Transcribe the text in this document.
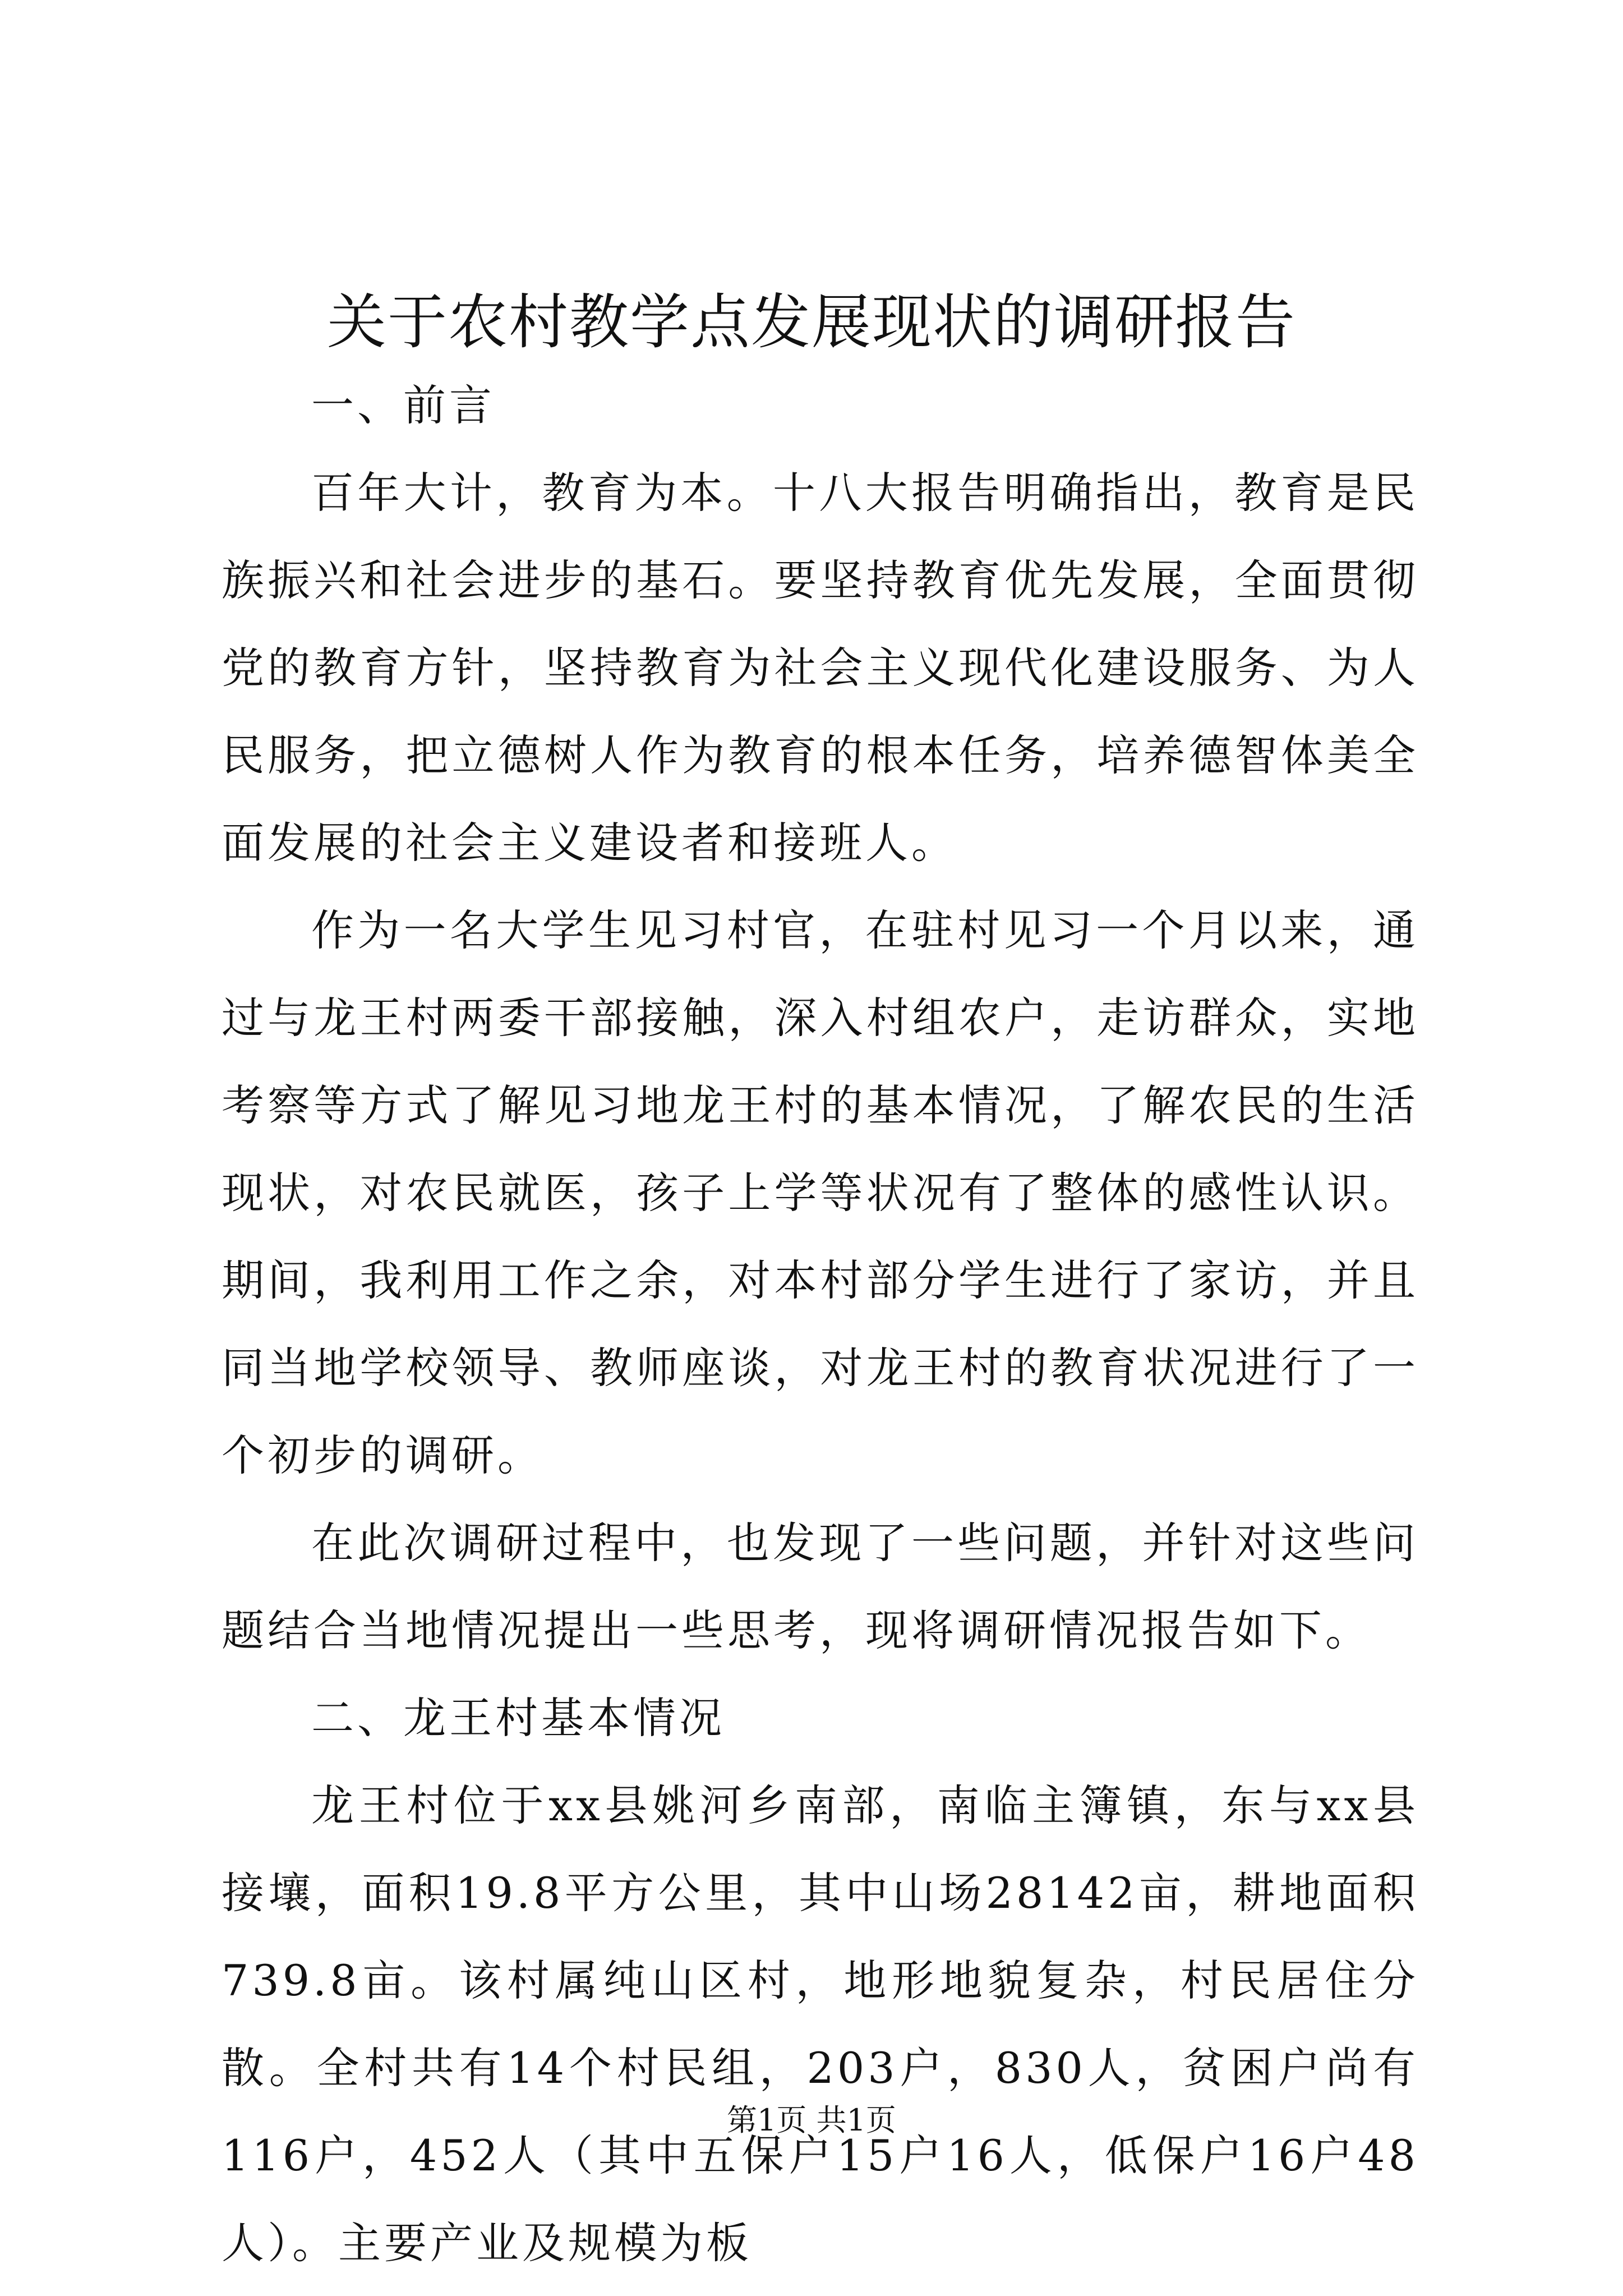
关于农村教学点发展现状的调研报告

一、前言

百年大计，教育为本。十八大报告明确指出，教育是民族振兴和社会进步的基石。要坚持教育优先发展，全面贯彻党的教育方针，坚持教育为社会主义现代化建设服务、为人民服务，把立德树人作为教育的根本任务，培养德智体美全面发展的社会主义建设者和接班人。

作为一名大学生见习村官，在驻村见习一个月以来，通过与龙王村两委干部接触，深入村组农户，走访群众，实地考察等方式了解见习地龙王村的基本情况，了解农民的生活现状，对农民就医，孩子上学等状况有了整体的感性认识。期间，我利用工作之余，对本村部分学生进行了家访，并且同当地学校领导、教师座谈，对龙王村的教育状况进行了一个初步的调研。

在此次调研过程中，也发现了一些问题，并针对这些问题结合当地情况提出一些思考，现将调研情况报告如下。

二、龙王村基本情况

龙王村位于xx县姚河乡南部，南临主簿镇，东与xx县接壤，面积19.8平方公里，其中山场28142亩，耕地面积739.8亩。该村属纯山区村，地形地貌复杂，村民居住分散。全村共有14个村民组，203户，830人，贫困户尚有116户，452人（其中五保户15户16人，低保户16户48人）。主要产业及规模为板

第1页 共1页
